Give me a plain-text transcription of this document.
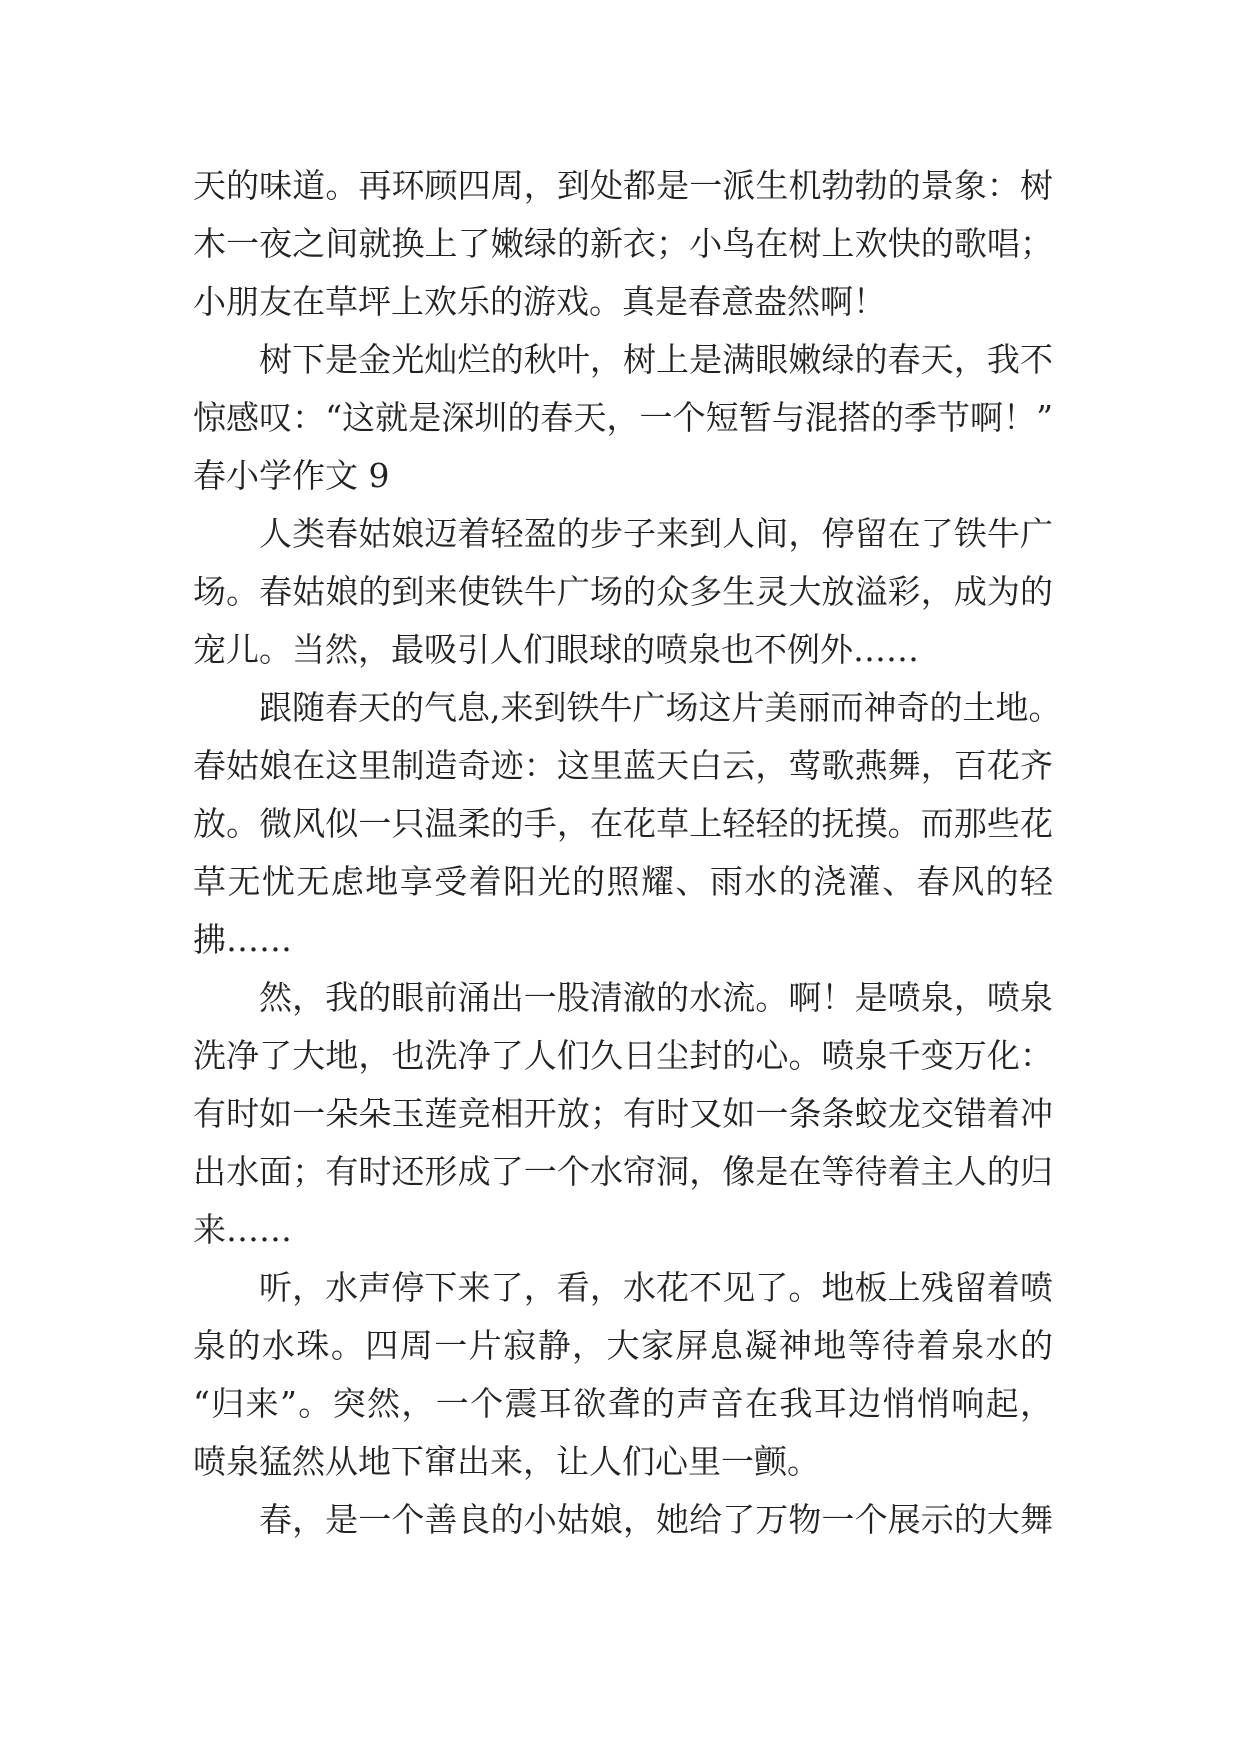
天的味道。再环顾四周，到处都是一派生机勃勃的景象：树
木一夜之间就换上了嫩绿的新衣；小鸟在树上欢快的歌唱；
小朋友在草坪上欢乐的游戏。真是春意盎然啊！
树下是金光灿烂的秋叶，树上是满眼嫩绿的春天，我不
惊感叹：“这就是深圳的春天，一个短暂与混搭的季节啊！”
春小学作文 9
人类春姑娘迈着轻盈的步子来到人间，停留在了铁牛广
场。春姑娘的到来使铁牛广场的众多生灵大放溢彩，成为的
宠儿。当然，最吸引人们眼球的喷泉也不例外……
跟随春天的气息,来到铁牛广场这片美丽而神奇的土地。
春姑娘在这里制造奇迹：这里蓝天白云，莺歌燕舞，百花齐
放。微风似一只温柔的手，在花草上轻轻的抚摸。而那些花
草无忧无虑地享受着阳光的照耀、雨水的浇灌、春风的轻
拂……
然，我的眼前涌出一股清澈的水流。啊！是喷泉，喷泉
洗净了大地，也洗净了人们久日尘封的心。喷泉千变万化：
有时如一朵朵玉莲竞相开放；有时又如一条条蛟龙交错着冲
出水面；有时还形成了一个水帘洞，像是在等待着主人的归
来……
听，水声停下来了，看，水花不见了。地板上残留着喷
泉的水珠。四周一片寂静，大家屏息凝神地等待着泉水的
“归来”。突然，一个震耳欲聋的声音在我耳边悄悄响起，
喷泉猛然从地下窜出来，让人们心里一颤。
春，是一个善良的小姑娘，她给了万物一个展示的大舞
